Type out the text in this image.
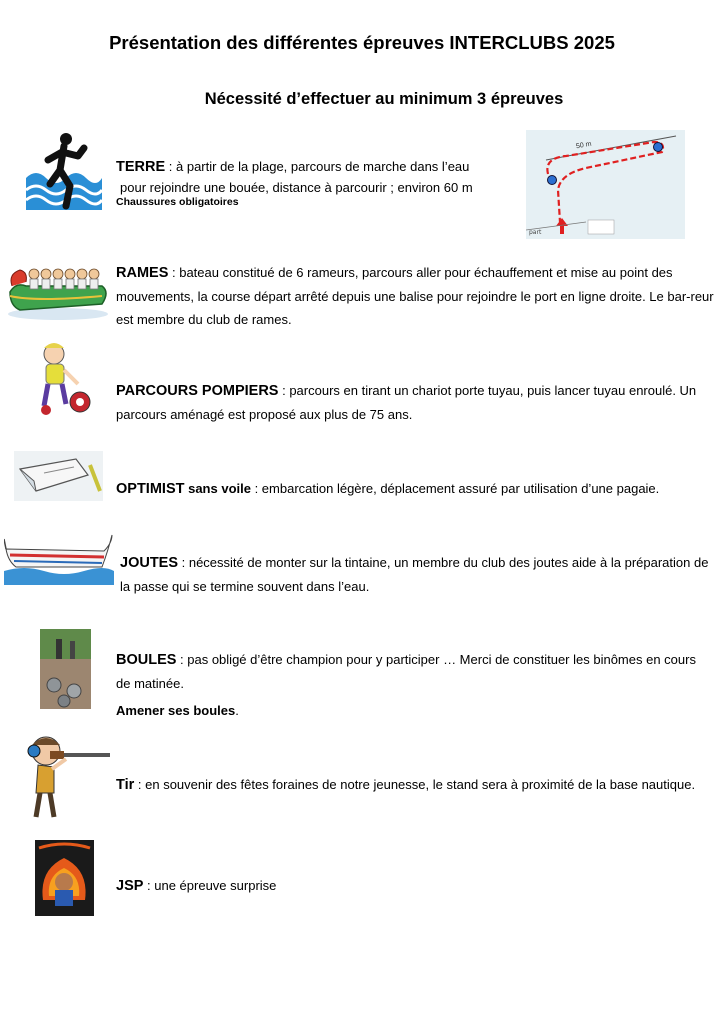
Présentation des différentes épreuves INTERCLUBS 2025
Nécessité d’effectuer au minimum 3 épreuves
TERRE : à partir de la plage, parcours de marche dans l’eau
pour rejoindre une bouée, distance à parcourir ; environ 60 m
Chaussures obligatoires
part
50 m
RAMES : bateau constitué de 6 rameurs, parcours aller pour échauffement et mise au point des mouvements, la course départ arrêté depuis une balise pour rejoindre le port en ligne droite. Le bar-reur est membre du club de rames.
PARCOURS POMPIERS : parcours en tirant un chariot porte tuyau, puis lancer tuyau enroulé. Un parcours aménagé est proposé aux plus de 75 ans.
OPTIMIST sans voile : embarcation légère, déplacement assuré par utilisation d’une pagaie.
JOUTES : nécessité de monter sur la tintaine, un membre du club des joutes aide à la préparation de la passe qui se termine souvent dans l’eau.
BOULES : pas obligé d’être champion pour y participer … Merci de constituer les binômes en cours de matinée.
Amener ses boules.
Tir : en souvenir des fêtes foraines de notre jeunesse, le stand sera à proximité de la base nautique.
JSP : une épreuve surprise
